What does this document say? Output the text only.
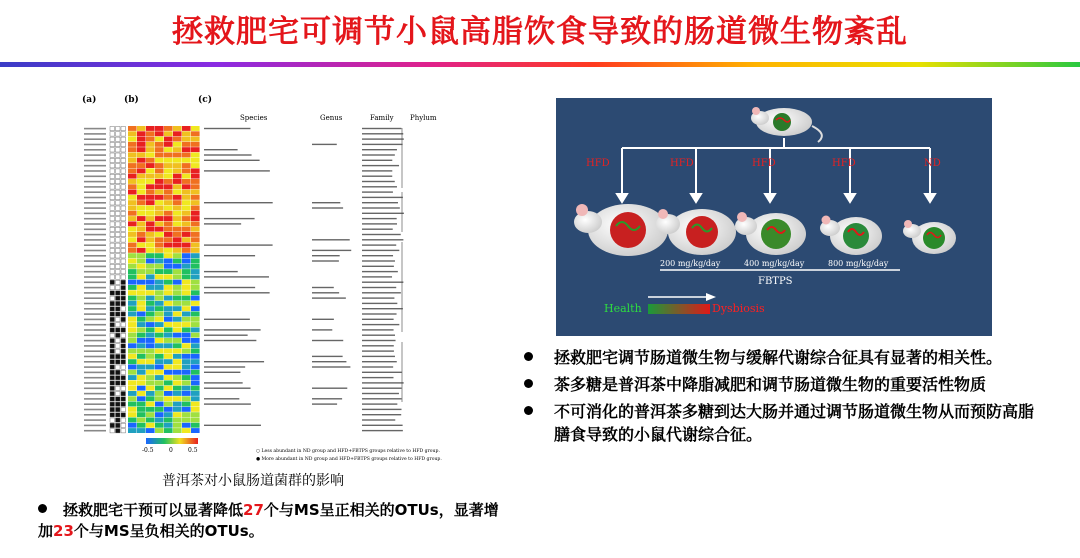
拯救肥宅可调节小鼠高脂饮食导致的肠道微生物紊乱
(a)	(b)	(c)
Species	Genus	Family Phylum
-0.5	0	0.5	○ Less abundant in ND group and HFD+FBTPS groups relative to HFD group.
● More abundant in ND group and HFD+FBTPS groups relative to HFD group.
普洱茶对小鼠肠道菌群的影响
拯救肥宅干预可以显著降低27个与MS呈正相关的OTUs，显著增加23个与MS呈负相关的OTUs。
HFD	HFD	HFD	HFD	ND
200 mg/kg/day	400 mg/kg/day	800 mg/kg/day
FBTPS
Health	Dysbiosis
拯救肥宅调节肠道微生物与缓解代谢综合征具有显著的相关性。
茶多糖是普洱茶中降脂减肥和调节肠道微生物的重要活性物质
不可消化的普洱茶多糖到达大肠并通过调节肠道微生物从而预防高脂膳食导致的小鼠代谢综合征。
